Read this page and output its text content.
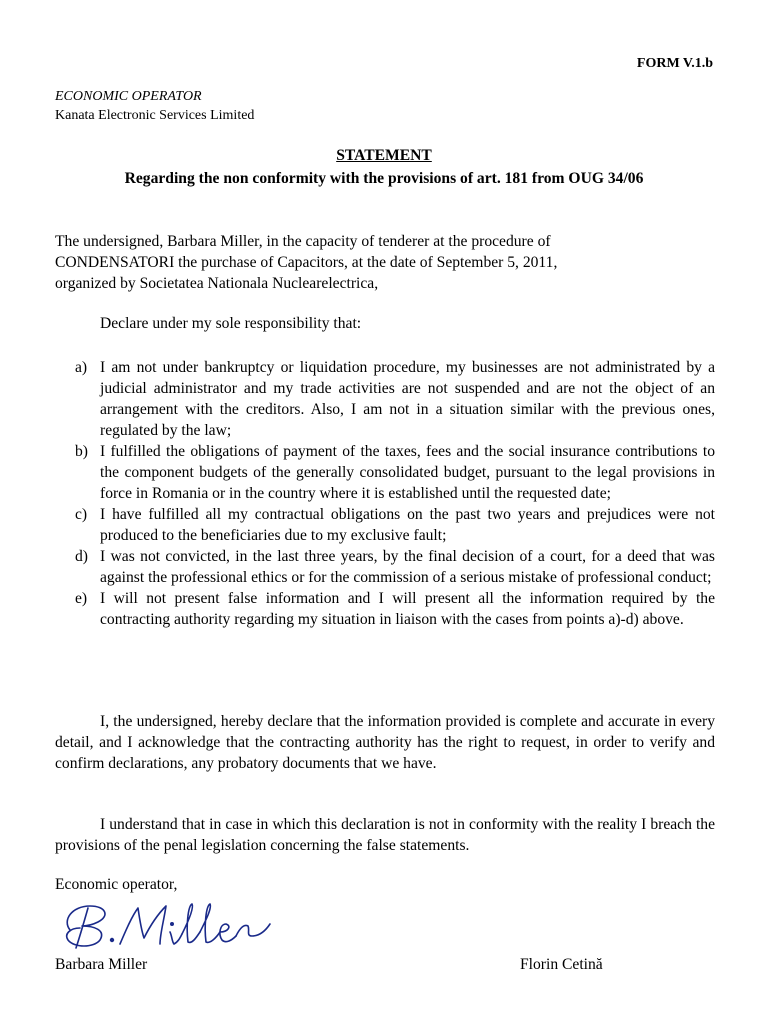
FORM V.1.b
ECONOMIC OPERATOR
Kanata Electronic Services Limited
STATEMENT
Regarding the non conformity with the provisions of art. 181 from OUG 34/06
The undersigned, Barbara Miller, in the capacity of tenderer at the procedure of
CONDENSATORI the purchase of Capacitors, at the date of September 5, 2011,
organized by Societatea Nationala Nuclearelectrica,
Declare under my sole responsibility that:
a) I am not under bankruptcy or liquidation procedure, my businesses are not administrated by a judicial administrator and my trade activities are not suspended and are not the object of an arrangement with the creditors. Also, I am not in a situation similar with the previous ones, regulated by the law;
b) I fulfilled the obligations of payment of the taxes, fees and the social insurance contributions to the component budgets of the generally consolidated budget, pursuant to the legal provisions in force in Romania or in the country where it is established until the requested date;
c) I have fulfilled all my contractual obligations on the past two years and prejudices were not produced to the beneficiaries due to my exclusive fault;
d) I was not convicted, in the last three years, by the final decision of a court, for a deed that was against the professional ethics or for the commission of a serious mistake of professional conduct;
e) I will not present false information and I will present all the information required by the contracting authority regarding my situation in liaison with the cases from points a)-d) above.

I, the undersigned, hereby declare that the information provided is complete and accurate in every detail, and I acknowledge that the contracting authority has the right to request, in order to verify and confirm declarations, any probatory documents that we have.

I understand that in case in which this declaration is not in conformity with the reality I breach the provisions of the penal legislation concerning the false statements.

Economic operator,
Barbara Miller	Florin Cetină
